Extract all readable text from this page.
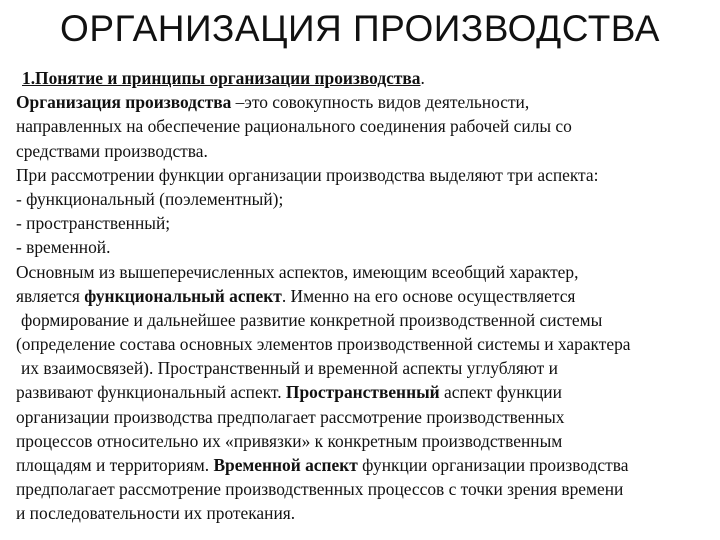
ОРГАНИЗАЦИЯ ПРОИЗВОДСТВА
1.Понятие и принципы организации производства.
Организация производства –это совокупность видов деятельности,
направленных на обеспечение рационального соединения рабочей силы со
средствами производства.
При рассмотрении функции организации производства выделяют три аспекта:
- функциональный (поэлементный);
- пространственный;
- временной.
Основным из вышеперечисленных аспектов, имеющим всеобщий характер,
является функциональный аспект. Именно на его основе осуществляется
формирование и дальнейшее развитие конкретной производственной системы
(определение состава основных элементов производственной системы и характера
их взаимосвязей). Пространственный и временной аспекты углубляют и
развивают функциональный аспект. Пространственный аспект функции
организации производства предполагает рассмотрение производственных
процессов относительно их «привязки» к конкретным производственным
площадям и территориям. Временной аспект функции организации производства
предполагает рассмотрение производственных процессов с точки зрения времени
и последовательности их протекания.
